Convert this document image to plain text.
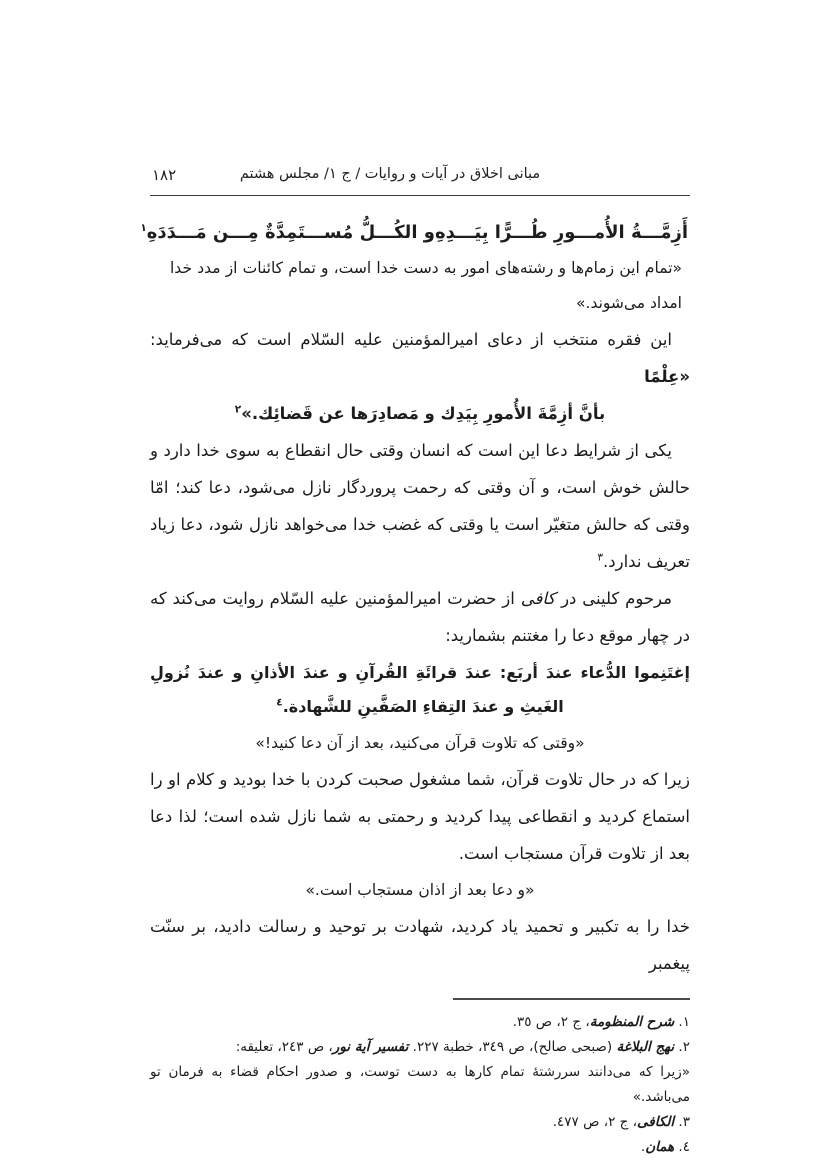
١٨٢	مبانی اخلاق در آیات و روایات / ج ١/ مجلس هشتم
أَزِمَّـــةُ الأُمـــورِ طُـــرًّا بِيَـــدِهِ
و الكُـــلُّ مُســـتَمِدَّةٌ مِـــن مَـــدَدَهِ$^١$
«تمام این زمام‌ها و رشته‌های امور به دست خدا است، و تمام کائنات از مدد خدا امداد می‌شوند.»

این فقره منتخب از دعای امیرالمؤمنین علیه السّلام است که می‌فرماید: «عِلْمًا

بأنَّ أزِمَّةَ الأُمورِ بِيَدِك و مَصادِرَها عن قَضائِك.»$^٢$

یکی از شرایط دعا این است که انسان وقتی حال انقطاع به سوی خدا دارد و حالش خوش است، و آن وقتی که رحمت پروردگار نازل می‌شود، دعا کند؛ امّا وقتی که حالش متغیّر است یا وقتی که غضب خدا می‌خواهد نازل شود، دعا زیاد تعریف ندارد.$^٣$

مرحوم کلینی در کافی از حضرت امیرالمؤمنین علیه السّلام روایت می‌کند که در چهار موقع دعا را مغتنم بشمارید:

إغتَنِموا الدُّعاء عندَ أربَع: عندَ قرائَةِ القُرآنِ و عندَ الأذانِ و عندَ نُزولِ الغَيثِ و عندَ التِقاءِ الصَفَّينِ للشَّهادة.$^٤$
«وقتی که تلاوت قرآن می‌کنید، بعد از آن دعا کنید!»

زیرا که در حال تلاوت قرآن، شما مشغول صحبت کردن با خدا بودید و کلام او را استماع کردید و انقطاعی پیدا کردید و رحمتی به شما نازل شده است؛ لذا دعا بعد از تلاوت قرآن مستجاب است.

«و دعا بعد از اذان مستجاب است.»

خدا را به تکبیر و تحمید یاد کردید، شهادت بر توحید و رسالت دادید، بر سنّت پیغمبر

١. شرح المنظومة، ج ٢، ص ٣٥.
٢. نهج البلاغة (صبحی صالح)، ص ٣٤٩، خطبة ٢٢٧. تفسير آية نور، ص ٢٤٣، تعلیقه:
«زیرا که می‌دانند سررشتۀ تمام کارها به دست توست، و صدور احکام قضاء به فرمان تو می‌باشد.»
٣. الکافی، ج ٢، ص ٤٧٧.
٤. همان.
